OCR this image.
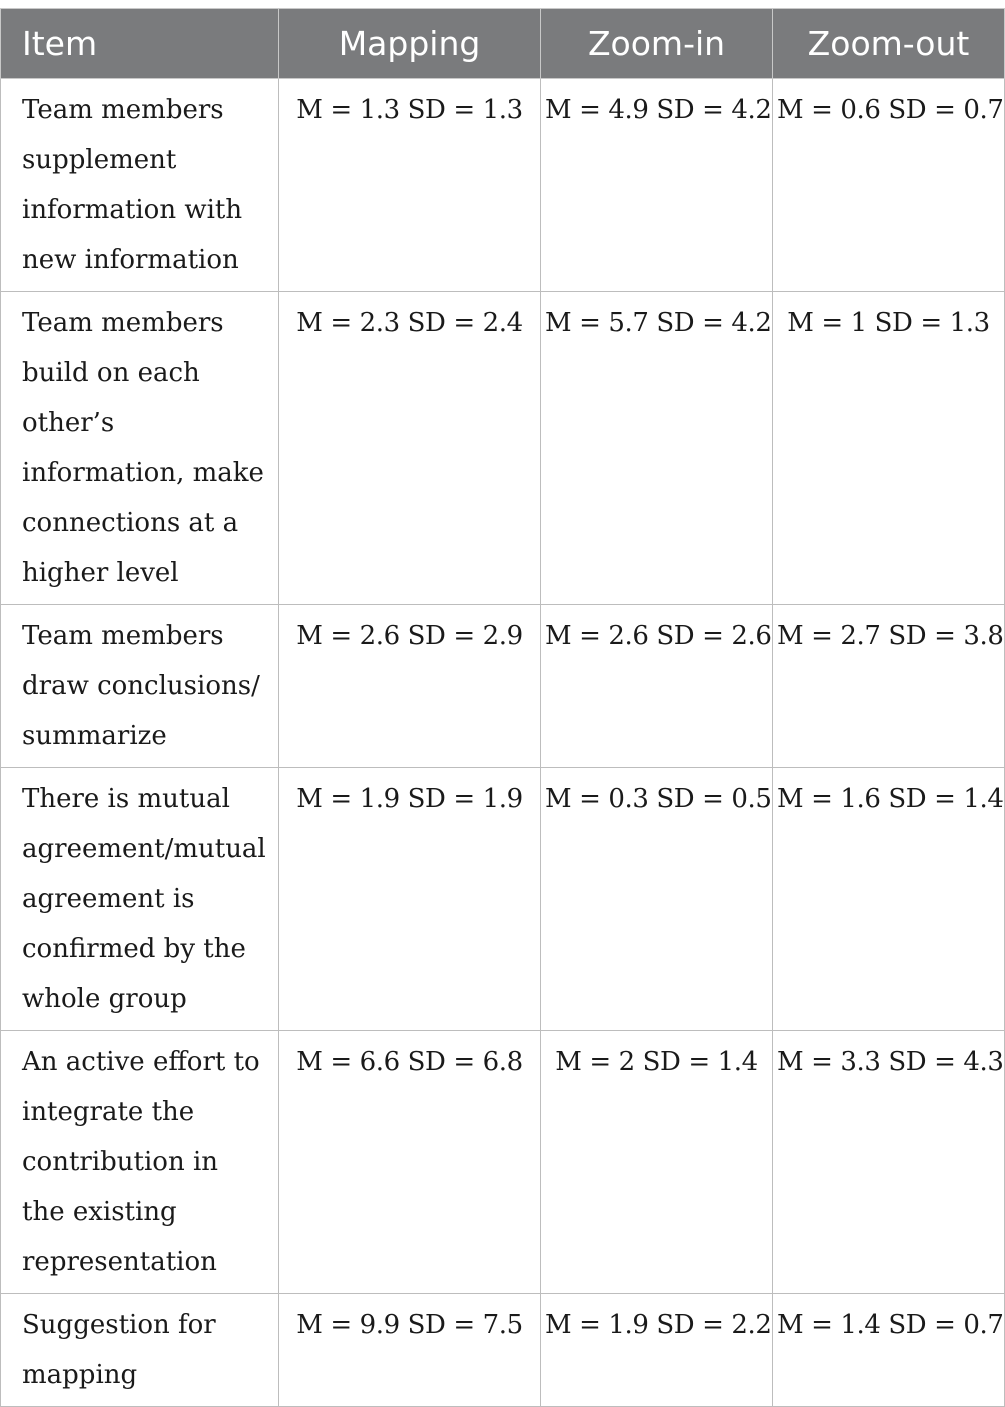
Item	Mapping	Zoom-in	Zoom-out
Team members supplement information with new information	M = 1.3 SD = 1.3	M = 4.9 SD = 4.2	M = 0.6 SD = 0.7
Team members build on each other’s information, make connections at a higher level	M = 2.3 SD = 2.4	M = 5.7 SD = 4.2	M = 1 SD = 1.3
Team members draw conclusions/ summarize	M = 2.6 SD = 2.9	M = 2.6 SD = 2.6	M = 2.7 SD = 3.8
There is mutual agreement/mutual agreement is confirmed by the whole group	M = 1.9 SD = 1.9	M = 0.3 SD = 0.5	M = 1.6 SD = 1.4
An active effort to integrate the contribution in the existing representation	M = 6.6 SD = 6.8	M = 2 SD = 1.4	M = 3.3 SD = 4.3
Suggestion for mapping	M = 9.9 SD = 7.5	M = 1.9 SD = 2.2	M = 1.4 SD = 0.7
